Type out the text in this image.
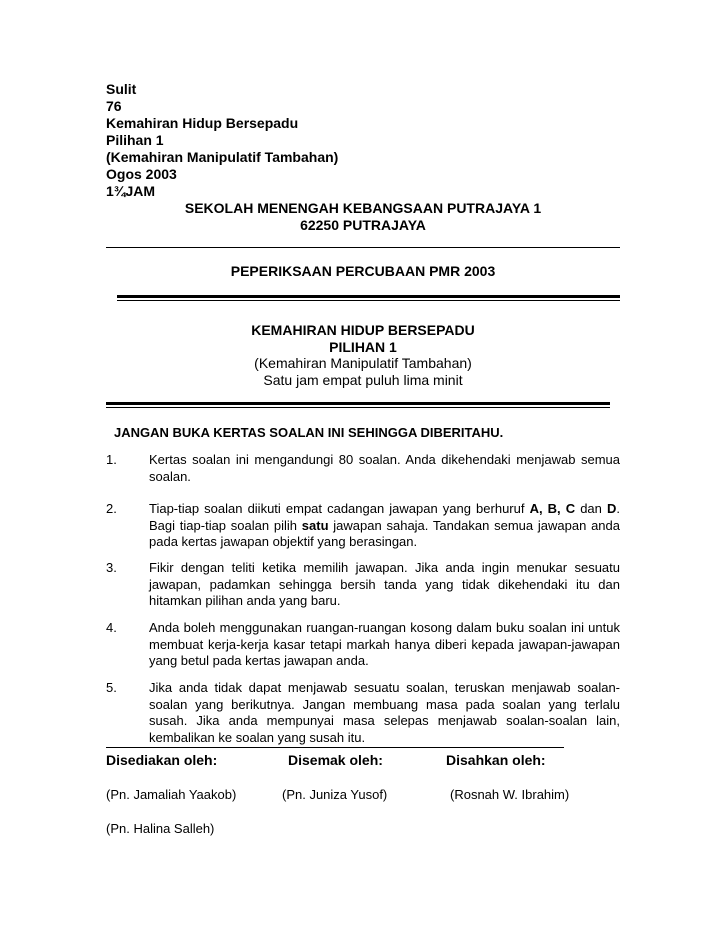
Sulit
76
Kemahiran Hidup Bersepadu
Pilihan 1
(Kemahiran Manipulatif Tambahan)
Ogos 2003
1¾JAM
SEKOLAH MENENGAH KEBANGSAAN PUTRAJAYA 1
62250 PUTRAJAYA
PEPERIKSAAN PERCUBAAN PMR 2003
KEMAHIRAN HIDUP BERSEPADU
PILIHAN 1
(Kemahiran Manipulatif Tambahan)
Satu jam empat puluh lima minit
JANGAN BUKA KERTAS SOALAN INI SEHINGGA DIBERITAHU.
1. Kertas soalan ini mengandungi 80 soalan. Anda dikehendaki menjawab semua soalan.
2. Tiap-tiap soalan diikuti empat cadangan jawapan yang berhuruf A, B, C dan D. Bagi tiap-tiap soalan pilih satu jawapan sahaja. Tandakan semua jawapan anda pada kertas jawapan objektif yang berasingan.
3. Fikir dengan teliti ketika memilih jawapan. Jika anda ingin menukar sesuatu jawapan, padamkan sehingga bersih tanda yang tidak dikehendaki itu dan hitamkan pilihan anda yang baru.
4. Anda boleh menggunakan ruangan-ruangan kosong dalam buku soalan ini untuk membuat kerja-kerja kasar tetapi markah hanya diberi kepada jawapan-jawapan yang betul pada kertas jawapan anda.
5. Jika anda tidak dapat menjawab sesuatu soalan, teruskan menjawab soalan-soalan yang berikutnya. Jangan membuang masa pada soalan yang terlalu susah. Jika anda mempunyai masa selepas menjawab soalan-soalan lain, kembalikan ke soalan yang susah itu.
Disediakan oleh:	Disemak oleh:	Disahkan oleh:
(Pn. Jamaliah Yaakob)	(Pn. Juniza Yusof)	(Rosnah W. Ibrahim)
(Pn. Halina Salleh)
